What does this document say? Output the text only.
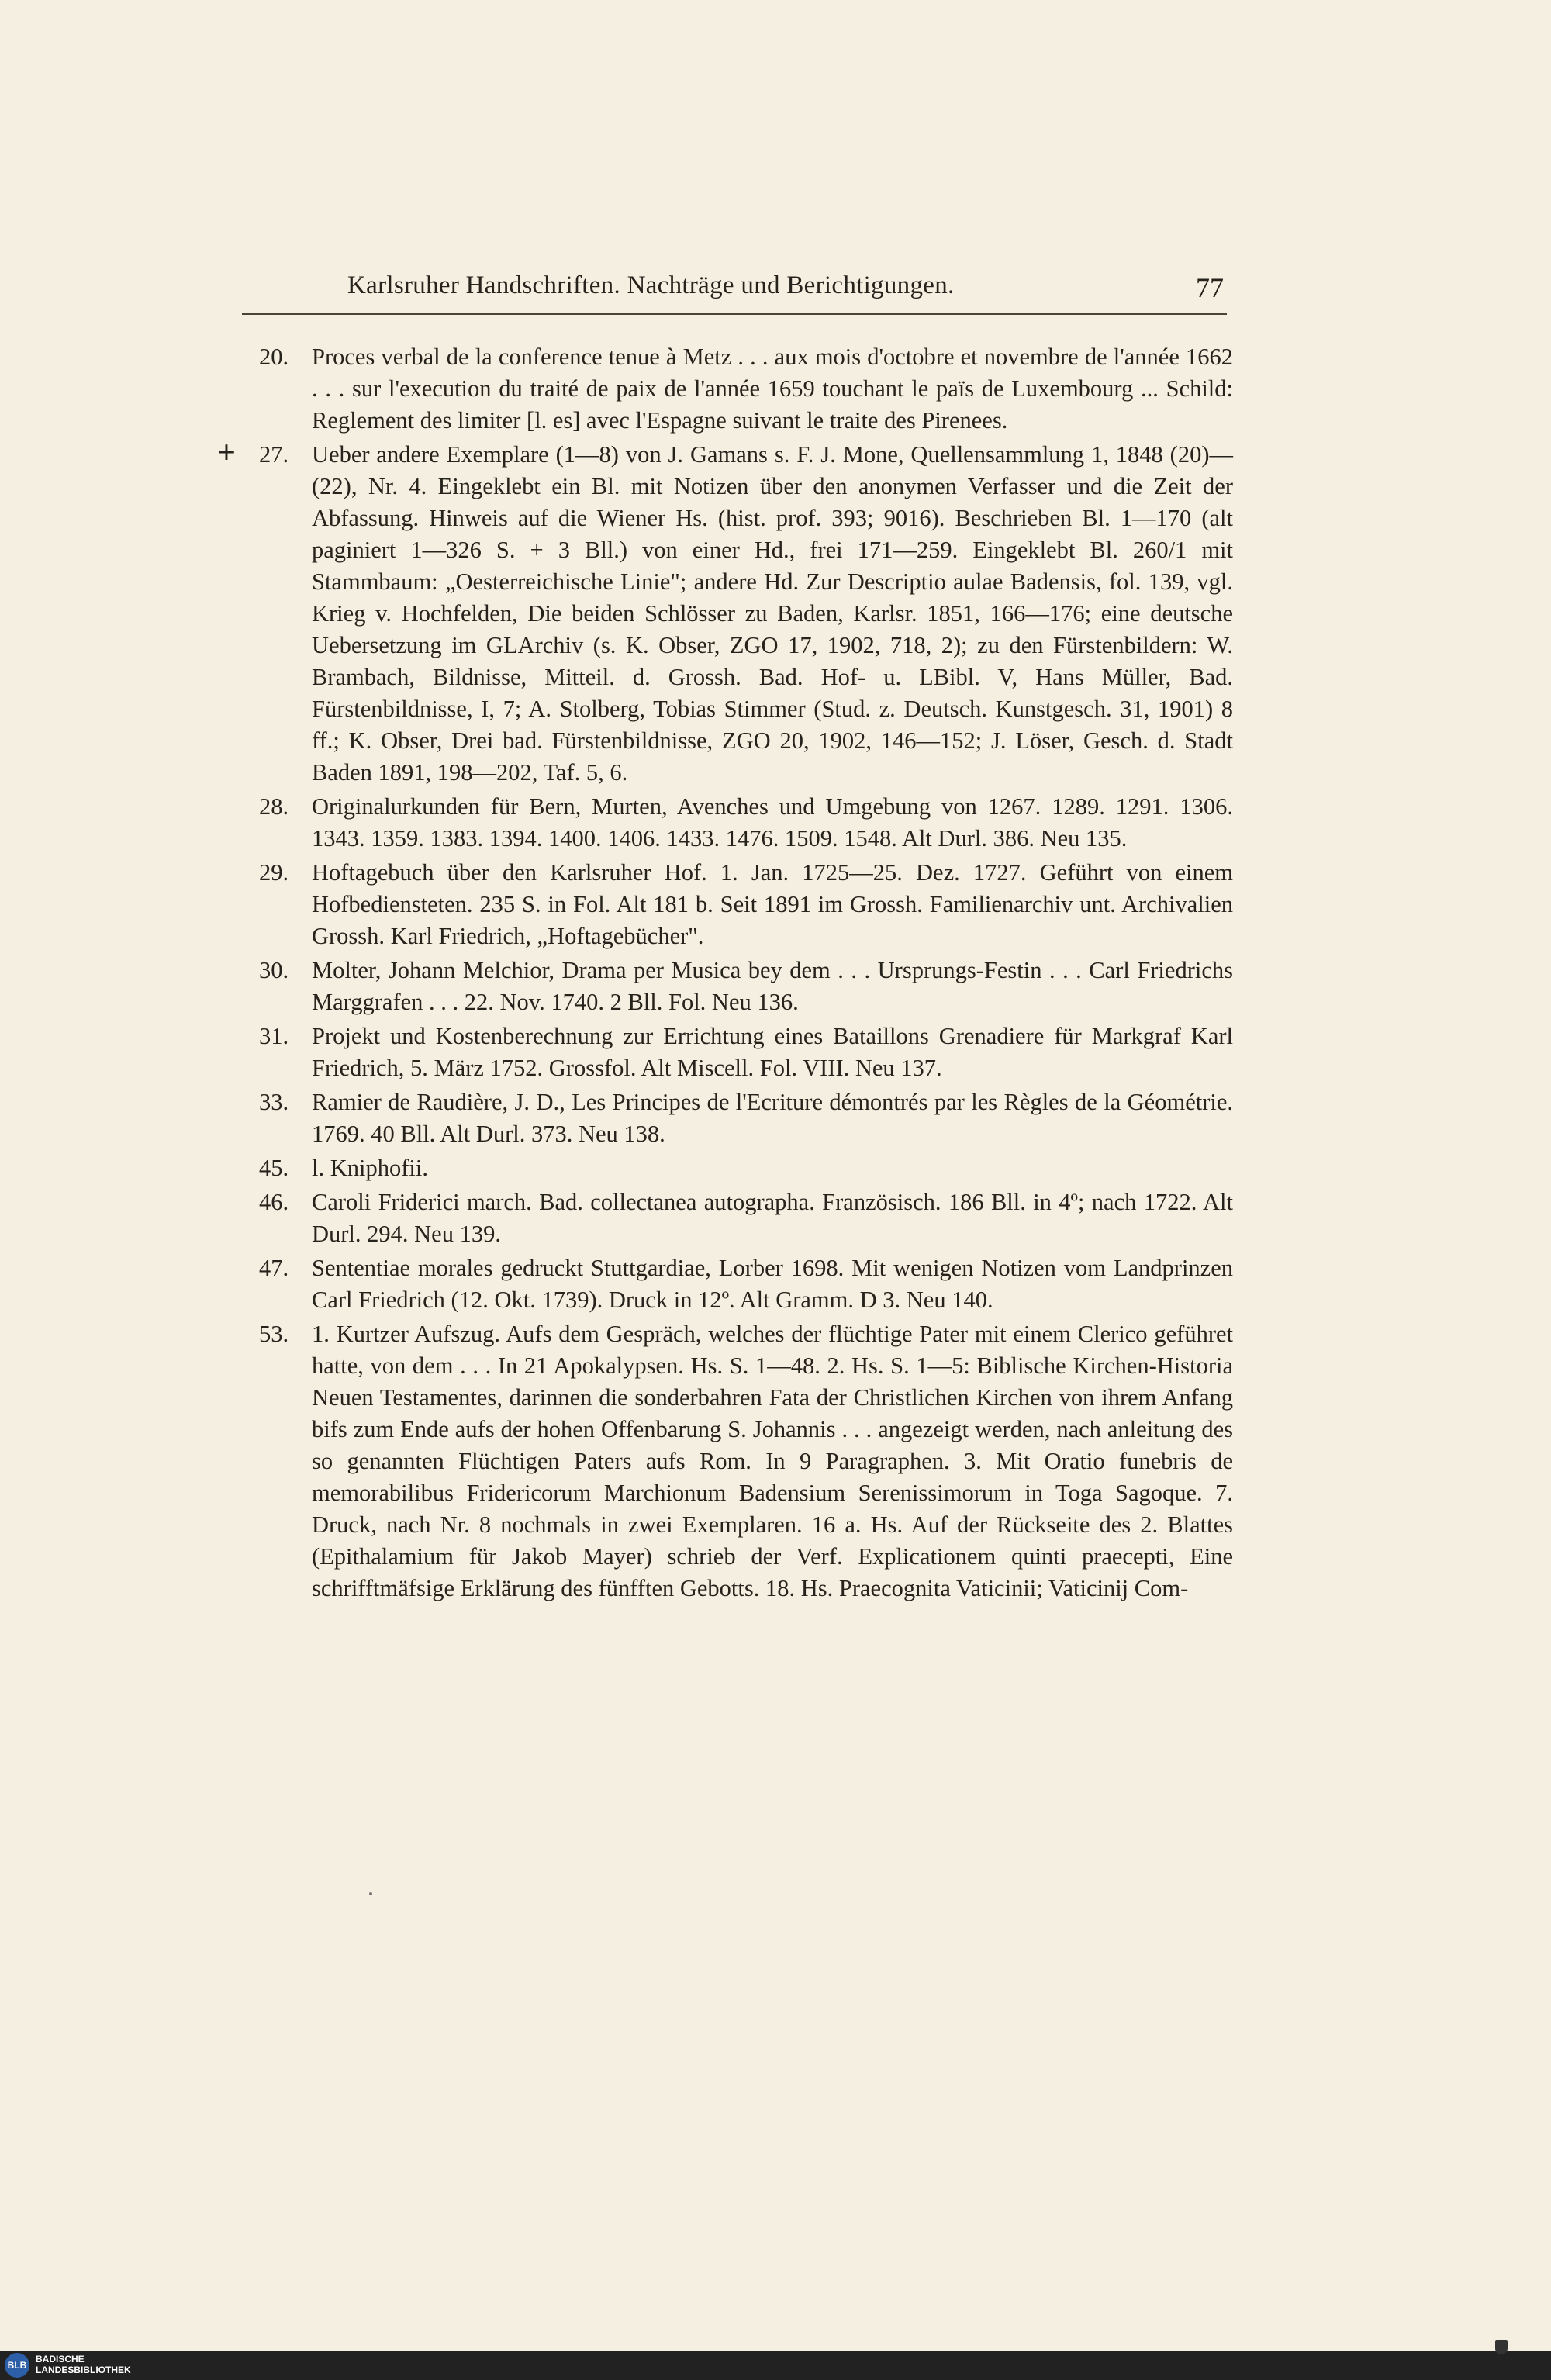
Karlsruher Handschriften. Nachträge und Berichtigungen.	77
20. Proces verbal de la conference tenue à Metz . . . aux mois d'octobre et novembre de l'année 1662 . . . sur l'execution du traité de paix de l'année 1659 touchant le païs de Luxembourg ... Schild: Reglement des limiter [l. es] avec l'Espagne suivant le traite des Pirenees.
+ 27. Ueber andere Exemplare (1—8) von J. Gamans s. F. J. Mone, Quellensammlung 1, 1848 (20)—(22), Nr. 4. Eingeklebt ein Bl. mit Notizen über den anonymen Verfasser und die Zeit der Abfassung. Hinweis auf die Wiener Hs. (hist. prof. 393; 9016). Beschrieben Bl. 1—170 (alt paginiert 1—326 S. + 3 Bll.) von einer Hd., frei 171—259. Eingeklebt Bl. 260/1 mit Stammbaum: „Oesterreichische Linie"; andere Hd. Zur Descriptio aulae Badensis, fol. 139, vgl. Krieg v. Hochfelden, Die beiden Schlösser zu Baden, Karlsr. 1851, 166—176; eine deutsche Uebersetzung im GLArchiv (s. K. Obser, ZGO 17, 1902, 718, 2); zu den Fürstenbildern: W. Brambach, Bildnisse, Mitteil. d. Grossh. Bad. Hof- u. LBibl. V, Hans Müller, Bad. Fürstenbildnisse, I, 7; A. Stolberg, Tobias Stimmer (Stud. z. Deutsch. Kunstgesch. 31, 1901) 8 ff.; K. Obser, Drei bad. Fürstenbildnisse, ZGO 20, 1902, 146—152; J. Löser, Gesch. d. Stadt Baden 1891, 198—202, Taf. 5, 6.
28. Originalurkunden für Bern, Murten, Avenches und Umgebung von 1267. 1289. 1291. 1306. 1343. 1359. 1383. 1394. 1400. 1406. 1433. 1476. 1509. 1548. Alt Durl. 386. Neu 135.
29. Hoftagebuch über den Karlsruher Hof. 1. Jan. 1725—25. Dez. 1727. Geführt von einem Hofbediensteten. 235 S. in Fol. Alt 181 b. Seit 1891 im Grossh. Familienarchiv unt. Archivalien Grossh. Karl Friedrich, „Hoftagebücher".
30. Molter, Johann Melchior, Drama per Musica bey dem . . . Ursprungs-Festin . . . Carl Friedrichs Marggrafen . . . 22. Nov. 1740. 2 Bll. Fol. Neu 136.
31. Projekt und Kostenberechnung zur Errichtung eines Bataillons Grenadiere für Markgraf Karl Friedrich, 5. März 1752. Grossfol. Alt Miscell. Fol. VIII. Neu 137.
33. Ramier de Raudière, J. D., Les Principes de l'Ecriture démontrés par les Règles de la Géométrie. 1769. 40 Bll. Alt Durl. 373. Neu 138.
45. l. Kniphofii.
46. Caroli Friderici march. Bad. collectanea autographa. Französisch. 186 Bll. in 4º; nach 1722. Alt Durl. 294. Neu 139.
47. Sententiae morales gedruckt Stuttgardiae, Lorber 1698. Mit wenigen Notizen vom Landprinzen Carl Friedrich (12. Okt. 1739). Druck in 12º. Alt Gramm. D 3. Neu 140.
53. 1. Kurtzer Aufszug. Aufs dem Gespräch, welches der flüchtige Pater mit einem Clerico geführet hatte, von dem . . . In 21 Apokalypsen. Hs. S. 1—48. 2. Hs. S. 1—5: Biblische Kirchen-Historia Neuen Testamentes, darinnen die sonderbahren Fata der Christlichen Kirchen von ihrem Anfang bifs zum Ende aufs der hohen Offenbarung S. Johannis . . . angezeigt werden, nach anleitung des so genannten Flüchtigen Paters aufs Rom. In 9 Paragraphen. 3. Mit Oratio funebris de memorabilibus Fridericorum Marchionum Badensium Serenissimorum in Toga Sagoque. 7. Druck, nach Nr. 8 nochmals in zwei Exemplaren. 16 a. Hs. Auf der Rückseite des 2. Blattes (Epithalamium für Jakob Mayer) schrieb der Verf. Explicationem quinti praecepti, Eine schrifftmäfsige Erklärung des fünfften Gebotts. 18. Hs. Praecognita Vaticinii; Vaticinij Com-
BLB
BADISCHE
LANDESBIBLIOTHEK
Baden-Württemberg
